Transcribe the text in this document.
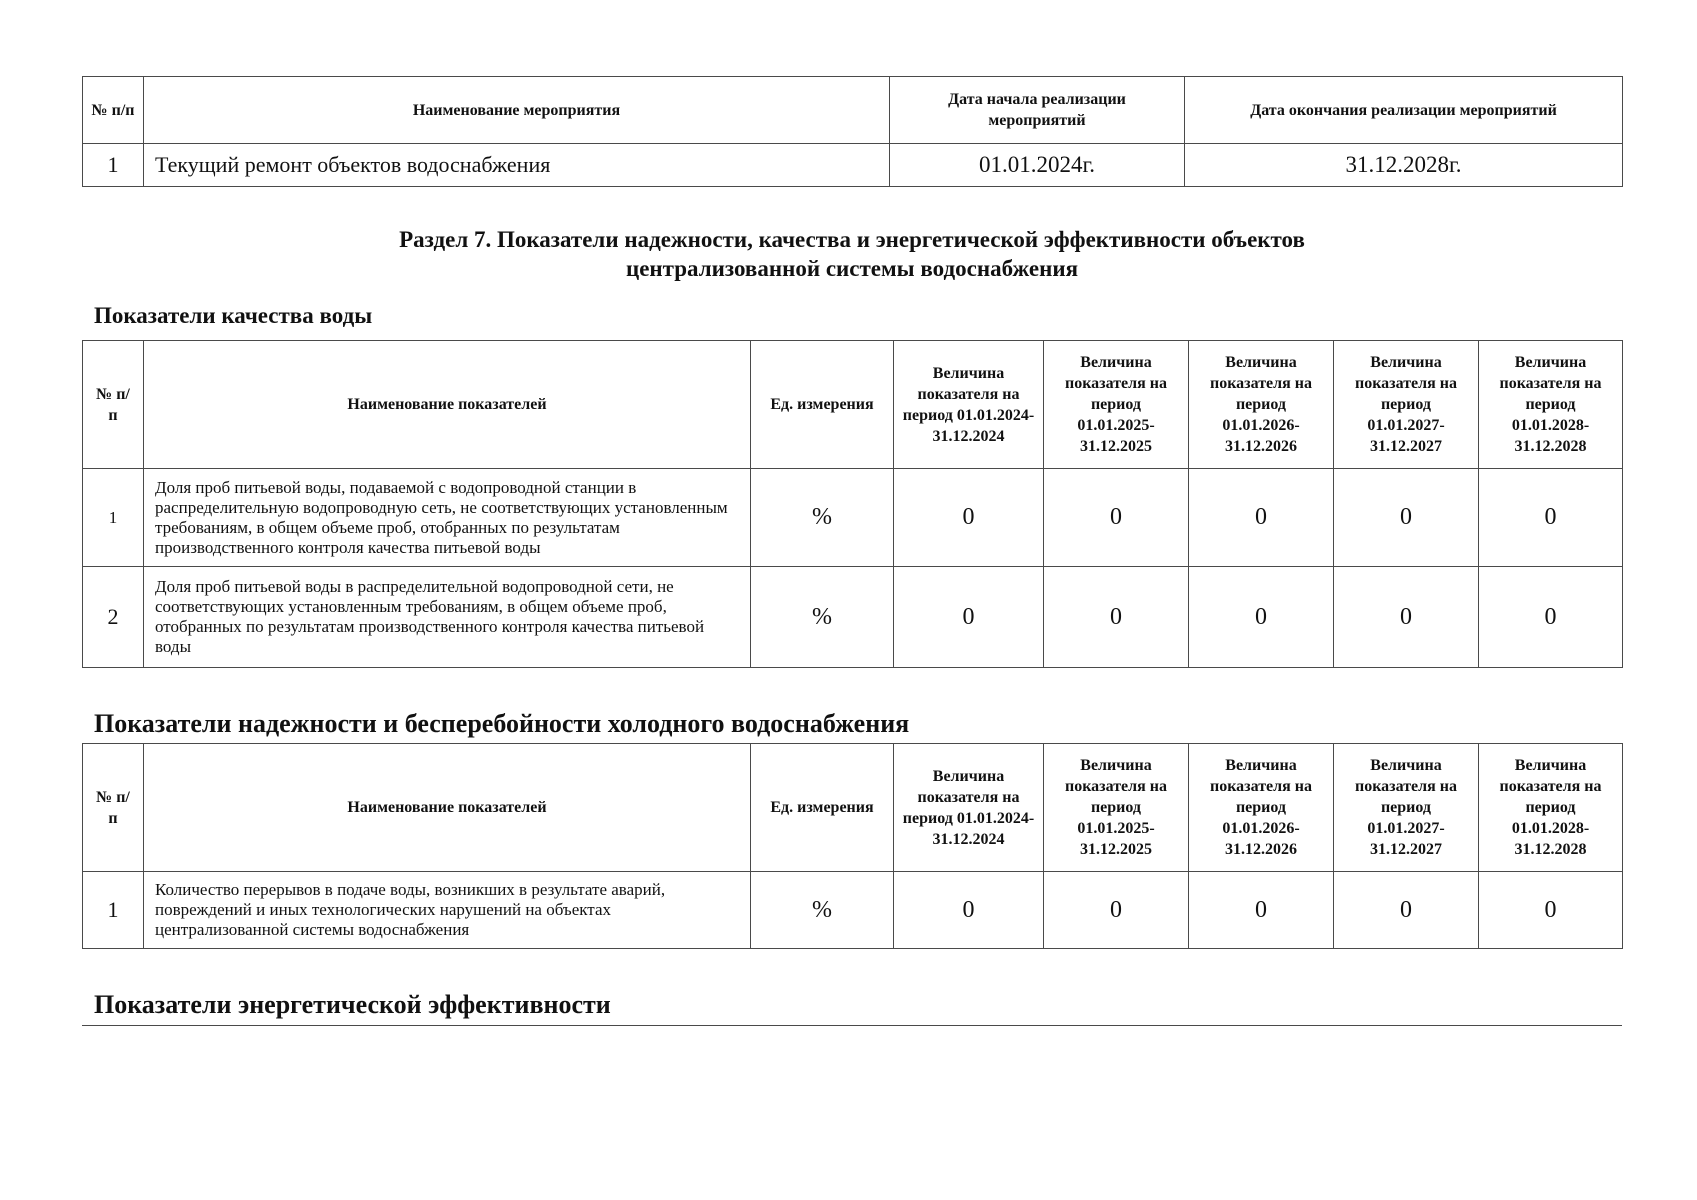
№ п/п	Наименование мероприятия	Дата начала реализации мероприятий	Дата окончания реализации мероприятий
1	Текущий ремонт объектов водоснабжения	01.01.2024г.	31.12.2028г.
Раздел 7. Показатели надежности, качества и энергетической эффективности объектов
централизованной системы водоснабжения
Показатели качества воды
№ п/п	Наименование показателей	Ед. измерения	Величина показателя на период 01.01.2024-31.12.2024	Величина показателя на период 01.01.2025-31.12.2025	Величина показателя на период 01.01.2026-31.12.2026	Величина показателя на период 01.01.2027-31.12.2027	Величина показателя на период 01.01.2028-31.12.2028
1	Доля проб питьевой воды, подаваемой с водопроводной станции в распределительную водопроводную сеть, не соответствующих установленным требованиям, в общем объеме проб, отобранных по результатам производственного контроля качества питьевой воды	%	0	0	0	0	0
2	Доля проб питьевой воды в распределительной водопроводной сети, не соответствующих установленным требованиям, в общем объеме проб, отобранных по результатам производственного контроля качества питьевой воды	%	0	0	0	0	0
Показатели надежности и бесперебойности холодного водоснабжения
№ п/п	Наименование показателей	Ед. измерения	Величина показателя на период 01.01.2024-31.12.2024	Величина показателя на период 01.01.2025-31.12.2025	Величина показателя на период 01.01.2026-31.12.2026	Величина показателя на период 01.01.2027-31.12.2027	Величина показателя на период 01.01.2028-31.12.2028
1	Количество перерывов в подаче воды, возникших в результате аварий, повреждений и иных технологических нарушений на объектах централизованной системы водоснабжения	%	0	0	0	0	0
Показатели энергетической эффективности
